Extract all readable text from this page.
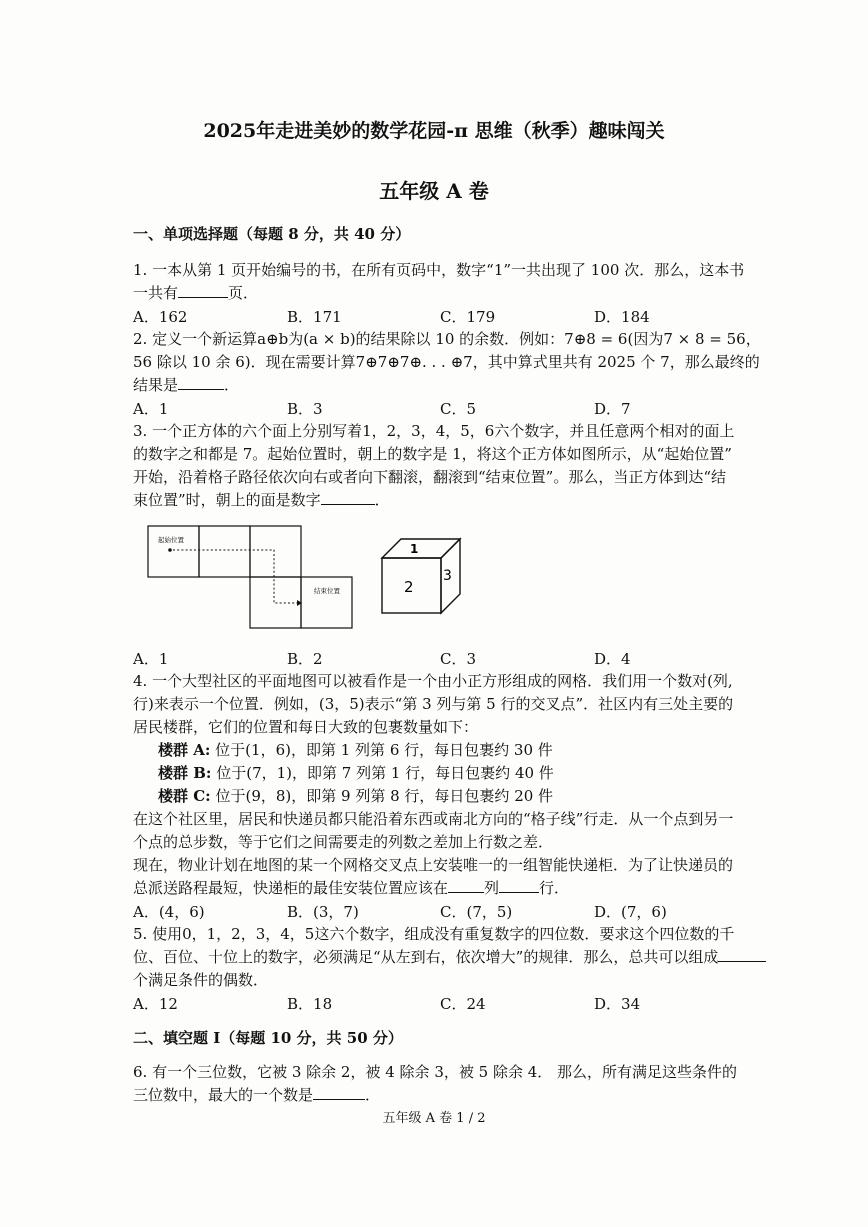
2025年走进美妙的数学花园-π 思维（秋季）趣味闯关
五年级 A 卷
一、单项选择题（每题 8 分，共 40 分）
1. 一本从第 1 页开始编号的书，在所有页码中，数字“1”一共出现了 100 次．那么，这本书
一共有	页．
A．162	B．171	C．179	D．184
2. 定义一个新运算a⊕b为(a × b)的结果除以 10 的余数．例如：7⊕8 = 6(因为7 × 8 = 56，
56 除以 10 余 6)．现在需要计算7⊕7⊕7⊕. . . ⊕7，其中算式里共有 2025 个 7，那么最终的
结果是	．
A．1	B．3	C．5	D．7
3. 一个正方体的六个面上分别写着1，2，3，4，5，6六个数字，并且任意两个相对的面上
的数字之和都是 7。起始位置时，朝上的数字是 1，将这个正方体如图所示，从“起始位置”
开始，沿着格子路径依次向右或者向下翻滚，翻滚到“结束位置”。那么，当正方体到达“结
束位置”时，朝上的面是数字	．
起始位置
结束位置
1
2
3
A．1	B．2	C．3	D．4
4. 一个大型社区的平面地图可以被看作是一个由小正方形组成的网格．我们用一个数对(列,
行)来表示一个位置．例如，(3，5)表示“第 3 列与第 5 行的交叉点”．社区内有三处主要的
居民楼群，它们的位置和每日大致的包裹数量如下：
楼群 A: 位于(1，6)，即第 1 列第 6 行，每日包裹约 30 件
楼群 B: 位于(7，1)，即第 7 列第 1 行，每日包裹约 40 件
楼群 C: 位于(9，8)，即第 9 列第 8 行，每日包裹约 20 件
在这个社区里，居民和快递员都只能沿着东西或南北方向的“格子线”行走．从一个点到另一
个点的总步数，等于它们之间需要走的列数之差加上行数之差．
现在，物业计划在地图的某一个网格交叉点上安装唯一的一组智能快递柜．为了让快递员的
总派送路程最短，快递柜的最佳安装位置应该在 列	行．
A．(4，6)	B．(3，7)	C．(7，5)	D．(7，6)
5. 使用0，1，2，3，4，5这六个数字，组成没有重复数字的四位数．要求这个四位数的千
位、百位、十位上的数字，必须满足“从左到右，依次增大”的规律．那么，总共可以组成
个满足条件的偶数．
A．12	B．18	C．24	D．34
二、填空题 I（每题 10 分，共 50 分）
6. 有一个三位数，它被 3 除余 2，被 4 除余 3，被 5 除余 4． 那么，所有满足这些条件的
三位数中，最大的一个数是	．
五年级 A 卷 1 / 2
